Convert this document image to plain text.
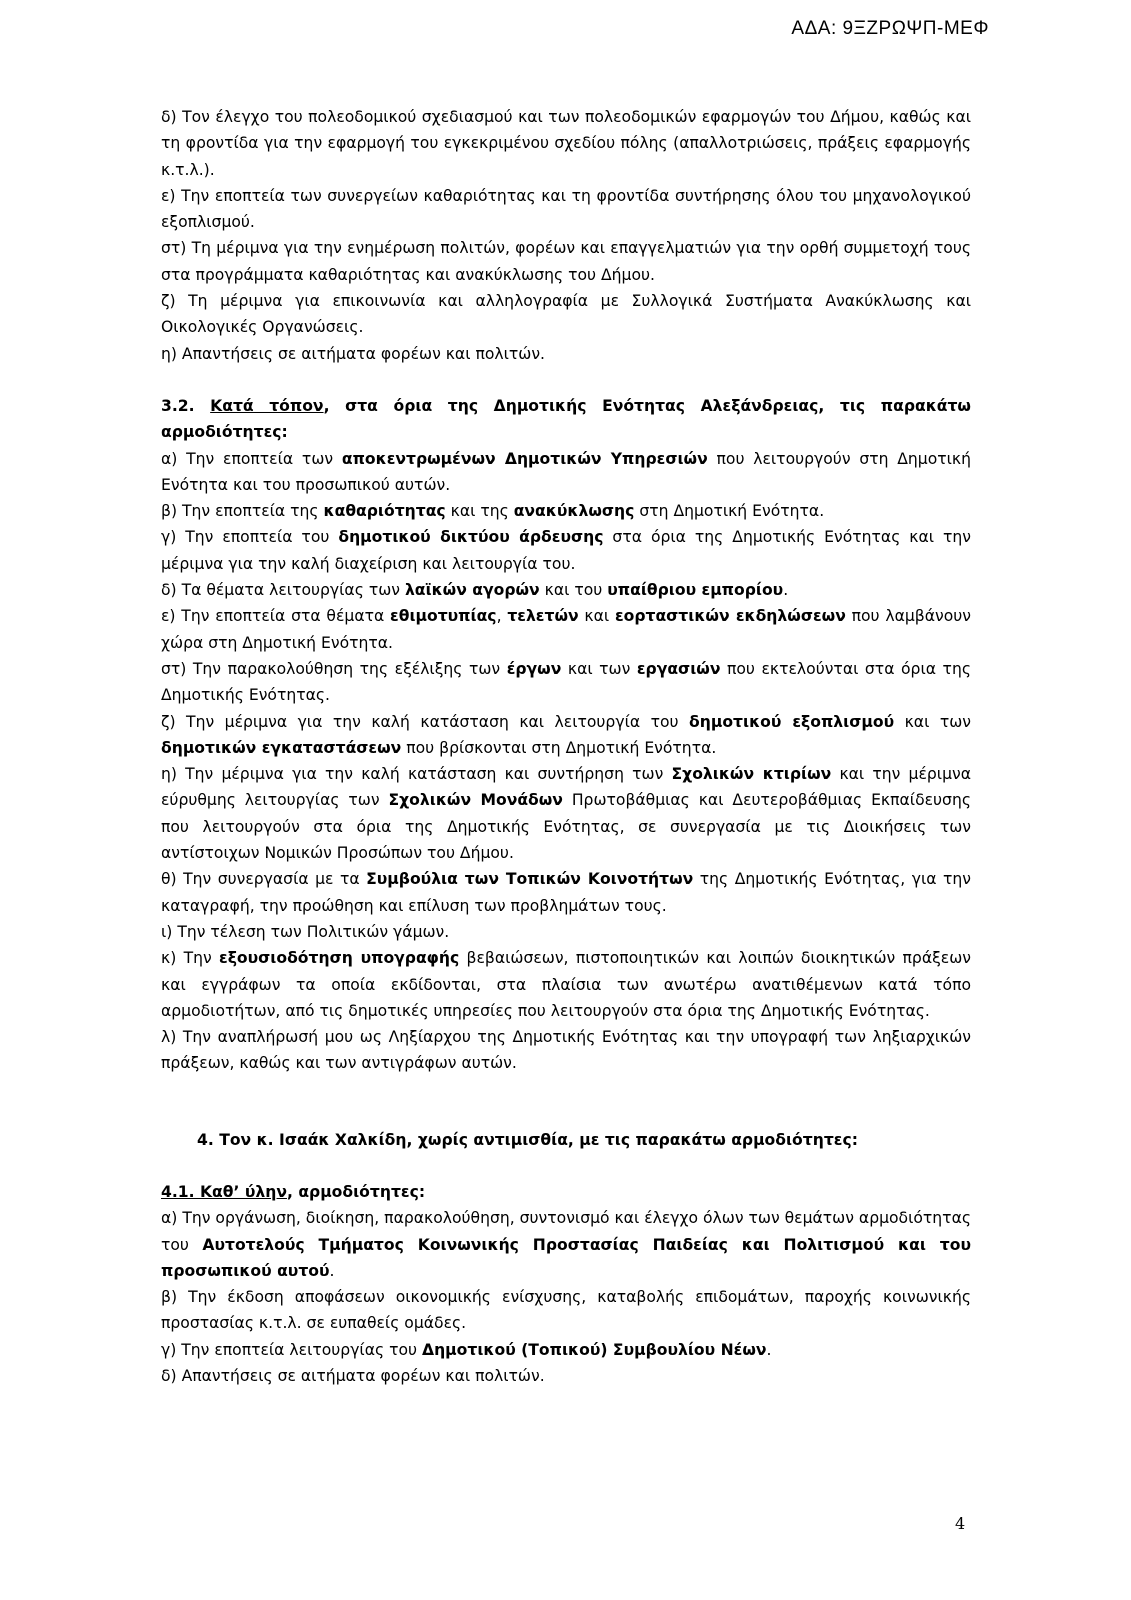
ΑΔΑ: 9ΞΖΡΩΨΠ-ΜΕΦ
δ) Τον έλεγχο του πολεοδομικού σχεδιασμού και των πολεοδομικών εφαρμογών του Δήμου, καθώς και τη φροντίδα για την εφαρμογή του εγκεκριμένου σχεδίου πόλης (απαλλοτριώσεις, πράξεις εφαρμογής κ.τ.λ.).
ε) Την εποπτεία των συνεργείων καθαριότητας και τη φροντίδα συντήρησης όλου του μηχανολογικού εξοπλισμού.
στ) Τη μέριμνα για την ενημέρωση πολιτών, φορέων και επαγγελματιών για την ορθή συμμετοχή τους στα προγράμματα καθαριότητας και ανακύκλωσης του Δήμου.
ζ) Τη μέριμνα για επικοινωνία και αλληλογραφία με Συλλογικά Συστήματα Ανακύκλωσης και Οικολογικές Οργανώσεις.
η) Απαντήσεις σε αιτήματα φορέων και πολιτών.
3.2. Κατά τόπον, στα όρια της Δημοτικής Ενότητας Αλεξάνδρειας, τις παρακάτω αρμοδιότητες:
α) Την εποπτεία των αποκεντρωμένων Δημοτικών Υπηρεσιών που λειτουργούν στη Δημοτική Ενότητα και του προσωπικού αυτών.
β) Την εποπτεία της καθαριότητας και της ανακύκλωσης στη Δημοτική Ενότητα.
γ) Την εποπτεία του δημοτικού δικτύου άρδευσης στα όρια της Δημοτικής Ενότητας και την μέριμνα για την καλή διαχείριση και λειτουργία του.
δ) Τα θέματα λειτουργίας των λαϊκών αγορών και του υπαίθριου εμπορίου.
ε) Την εποπτεία στα θέματα εθιμοτυπίας, τελετών και εορταστικών εκδηλώσεων που λαμβάνουν χώρα στη Δημοτική Ενότητα.
στ) Την παρακολούθηση της εξέλιξης των έργων και των εργασιών που εκτελούνται στα όρια της Δημοτικής Ενότητας.
ζ) Την μέριμνα για την καλή κατάσταση και λειτουργία του δημοτικού εξοπλισμού και των δημοτικών εγκαταστάσεων που βρίσκονται στη Δημοτική Ενότητα.
η) Την μέριμνα για την καλή κατάσταση και συντήρηση των Σχολικών κτιρίων και την μέριμνα εύρυθμης λειτουργίας των Σχολικών Μονάδων Πρωτοβάθμιας και Δευτεροβάθμιας Εκπαίδευσης που λειτουργούν στα όρια της Δημοτικής Ενότητας, σε συνεργασία με τις Διοικήσεις των αντίστοιχων Νομικών Προσώπων του Δήμου.
θ) Την συνεργασία με τα Συμβούλια των Τοπικών Κοινοτήτων της Δημοτικής Ενότητας, για την καταγραφή, την προώθηση και επίλυση των προβλημάτων τους.
ι) Την τέλεση των Πολιτικών γάμων.
κ) Την εξουσιοδότηση υπογραφής βεβαιώσεων, πιστοποιητικών και λοιπών διοικητικών πράξεων και εγγράφων τα οποία εκδίδονται, στα πλαίσια των ανωτέρω ανατιθέμενων κατά τόπο αρμοδιοτήτων, από τις δημοτικές υπηρεσίες που λειτουργούν στα όρια της Δημοτικής Ενότητας.
λ) Την αναπλήρωσή μου ως Ληξίαρχου της Δημοτικής Ενότητας και την υπογραφή των ληξιαρχικών πράξεων, καθώς και των αντιγράφων αυτών.
4. Τον κ. Ισαάκ Χαλκίδη, χωρίς αντιμισθία, με τις παρακάτω αρμοδιότητες:
4.1. Καθ’ ύλην, αρμοδιότητες:
α) Την οργάνωση, διοίκηση, παρακολούθηση, συντονισμό και έλεγχο όλων των θεμάτων αρμοδιότητας του Αυτοτελούς Τμήματος Κοινωνικής Προστασίας Παιδείας και Πολιτισμού και του προσωπικού αυτού.
β) Την έκδοση αποφάσεων οικονομικής ενίσχυσης, καταβολής επιδομάτων, παροχής κοινωνικής προστασίας κ.τ.λ. σε ευπαθείς ομάδες.
γ) Την εποπτεία λειτουργίας του Δημοτικού (Τοπικού) Συμβουλίου Νέων.
δ) Απαντήσεις σε αιτήματα φορέων και πολιτών.
4
